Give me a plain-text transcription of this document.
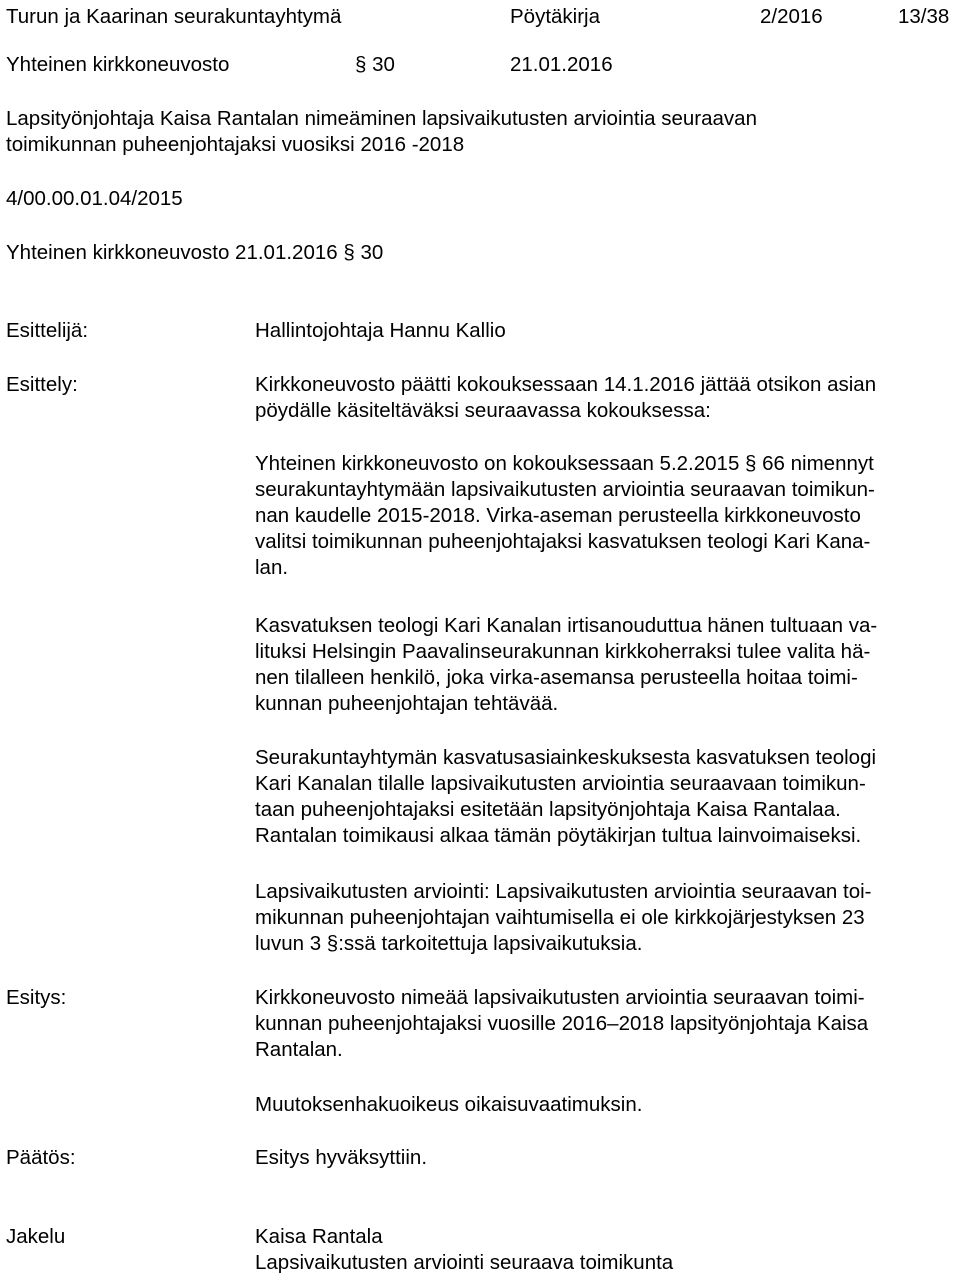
Turun ja Kaarinan seurakuntayhtymä	Pöytäkirja	2/2016	13/38
Yhteinen kirkkoneuvosto	§ 30	21.01.2016
Lapsityönjohtaja Kaisa Rantalan nimeäminen lapsivaikutusten arviointia seuraavan
toimikunnan puheenjohtajaksi vuosiksi 2016 -2018
4/00.00.01.04/2015
Yhteinen kirkkoneuvosto 21.01.2016 § 30
Esittelijä:	Hallintojohtaja Hannu Kallio
Esittely:	Kirkkoneuvosto päätti kokouksessaan 14.1.2016 jättää otsikon asian
pöydälle käsiteltäväksi seuraavassa kokouksessa:
Yhteinen kirkkoneuvosto on kokouksessaan 5.2.2015 § 66 nimennyt
seurakuntayhtymään lapsivaikutusten arviointia seuraavan toimikun-
nan kaudelle 2015-2018. Virka-aseman perusteella kirkkoneuvosto
valitsi toimikunnan puheenjohtajaksi kasvatuksen teologi Kari Kana-
lan.
Kasvatuksen teologi Kari Kanalan irtisanouduttua hänen tultuaan va-
lituksi Helsingin Paavalinseurakunnan kirkkoherraksi tulee valita hä-
nen tilalleen henkilö, joka virka-asemansa perusteella hoitaa toimi-
kunnan puheenjohtajan tehtävää.
Seurakuntayhtymän kasvatusasiainkeskuksesta kasvatuksen teologi
Kari Kanalan tilalle lapsivaikutusten arviointia seuraavaan toimikun-
taan puheenjohtajaksi esitetään lapsityönjohtaja Kaisa Rantalaa.
Rantalan toimikausi alkaa tämän pöytäkirjan tultua lainvoimaiseksi.
Lapsivaikutusten arviointi: Lapsivaikutusten arviointia seuraavan toi-
mikunnan puheenjohtajan vaihtumisella ei ole kirkkojärjestyksen 23
luvun 3 §:ssä tarkoitettuja lapsivaikutuksia.
Esitys:	Kirkkoneuvosto nimeää lapsivaikutusten arviointia seuraavan toimi-
kunnan puheenjohtajaksi vuosille 2016–2018 lapsityönjohtaja Kaisa
Rantalan.
Muutoksenhakuoikeus oikaisuvaatimuksin.
Päätös:	Esitys hyväksyttiin.
Jakelu	Kaisa Rantala
Lapsivaikutusten arviointi seuraava toimikunta
